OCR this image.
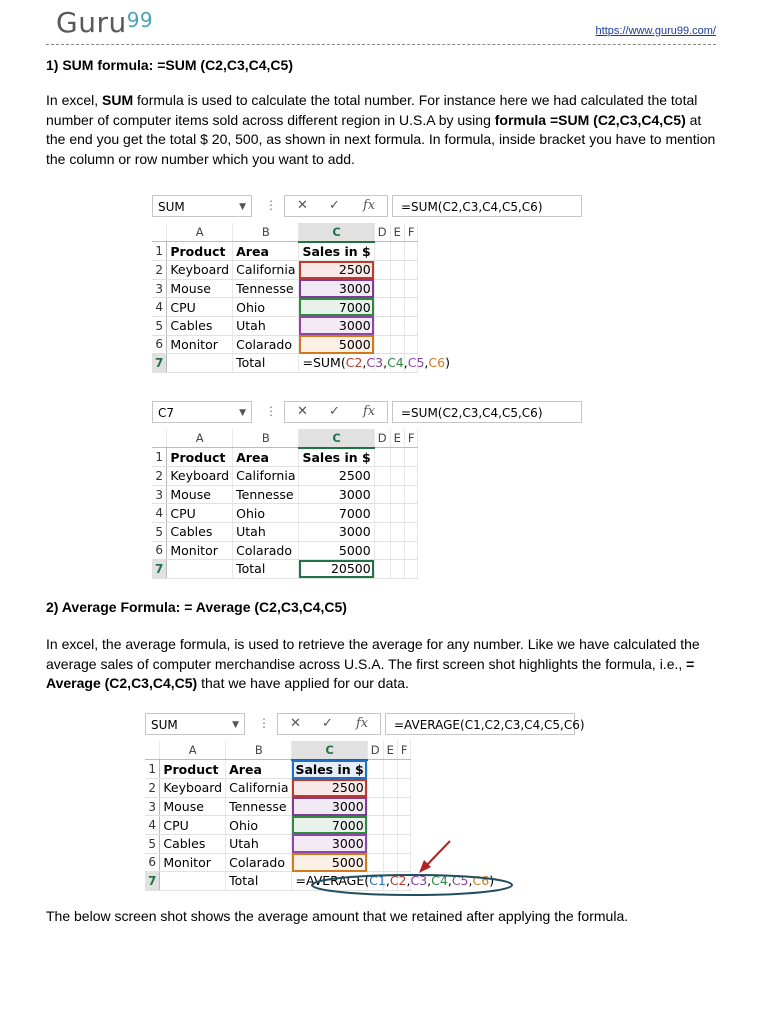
Guru$^{99}$	https://www.guru99.com/
1) SUM formula: =SUM (C2,C3,C4,C5)
In excel, SUM formula is used to calculate the total number. For instance here we had calculated the total number of computer items sold across different region in U.S.A by using formula =SUM (C2,C3,C4,C5) at the end you get the total $ 20, 500, as shown in next formula. In formula, inside bracket you have to mention the column or row number which you want to add.
SUM	▼ ⋮ ✕ ✓ fx	=SUM(C2,C3,C4,C5,C6)
	A	B	C	D	E	F
1	Product	Area	Sales in $			
2	Keyboard	California	2500			
3	Mouse	Tennesse	3000			
4	CPU	Ohio	7000			
5	Cables	Utah	3000			
6	Monitor	Colarado	5000			
7		Total	=SUM(C2,C3,C4,C5,C6)			

C7	▼ ⋮ ✕ ✓ fx	=SUM(C2,C3,C4,C5,C6)
	A	B	C	D	E	F
1	Product	Area	Sales in $			
2	Keyboard	California	2500			
3	Mouse	Tennesse	3000			
4	CPU	Ohio	7000			
5	Cables	Utah	3000			
6	Monitor	Colarado	5000			
7		Total	20500			
2) Average Formula: = Average (C2,C3,C4,C5)
In excel, the average formula, is used to retrieve the average for any number. Like we have calculated the average sales of computer merchandise across U.S.A. The first screen shot highlights the formula, i.e., = Average (C2,C3,C4,C5) that we have applied for our data.
SUM	▼ ⋮ ✕ ✓ fx	=AVERAGE(C1,C2,C3,C4,C5,C6)
	A	B	C	D	E	F
1	Product	Area	Sales in $			
2	Keyboard	California	2500			
3	Mouse	Tennesse	3000			
4	CPU	Ohio	7000			
5	Cables	Utah	3000			
6	Monitor	Colarado	5000			
7		Total	=AVERAGE(C1,C2,C3,C4,C5,C6)			

The below screen shot shows the average amount that we retained after applying the formula.
